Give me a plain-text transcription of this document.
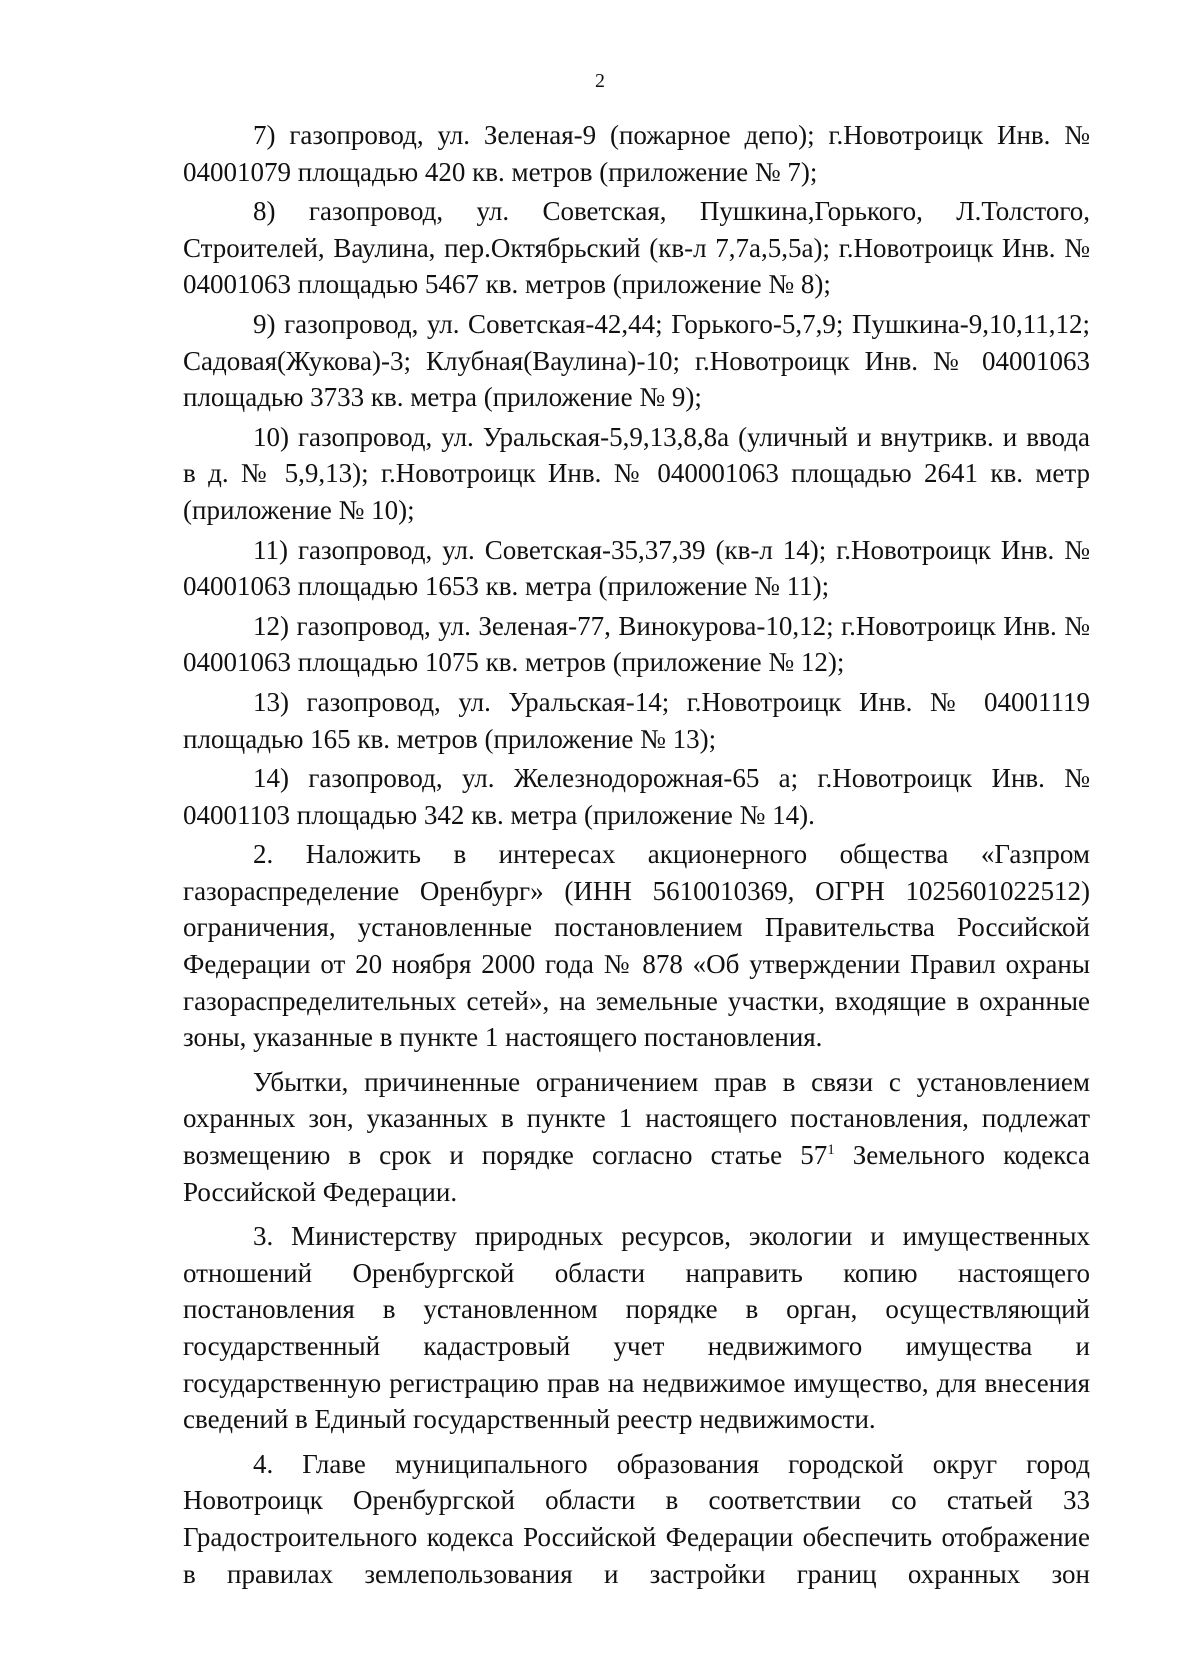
2

7) газопровод, ул. Зеленая-9 (пожарное депо); г.Новотроицк Инв. № 04001079 площадью 420 кв. метров (приложение № 7);

8) газопровод, ул. Советская, Пушкина,Горького, Л.Толстого, Строителей, Ваулина, пер.Октябрьский (кв-л 7,7а,5,5а); г.Новотроицк Инв. № 04001063 площадью 5467 кв. метров (приложение № 8);

9) газопровод, ул. Советская-42,44; Горького-5,7,9; Пушкина-9,10,11,12; Садовая(Жукова)-3; Клубная(Ваулина)-10; г.Новотроицк Инв. № 04001063 площадью 3733 кв. метра (приложение № 9);

10) газопровод, ул. Уральская-5,9,13,8,8а (уличный и внутрикв. и ввода в д. № 5,9,13); г.Новотроицк Инв. № 040001063 площадью 2641 кв. метр (приложение № 10);

11) газопровод, ул. Советская-35,37,39 (кв-л 14); г.Новотроицк Инв. № 04001063 площадью 1653 кв. метра (приложение № 11);

12) газопровод, ул. Зеленая-77, Винокурова-10,12; г.Новотроицк Инв. № 04001063 площадью 1075 кв. метров (приложение № 12);

13) газопровод, ул. Уральская-14; г.Новотроицк Инв. № 04001119 площадью 165 кв. метров (приложение № 13);

14) газопровод, ул. Железнодорожная-65 а; г.Новотроицк Инв. № 04001103 площадью 342 кв. метра (приложение № 14).

2. Наложить в интересах акционерного общества «Газпром газораспределение Оренбург» (ИНН 5610010369, ОГРН 1025601022512) ограничения, установленные постановлением Правительства Российской Федерации от 20 ноября 2000 года № 878 «Об утверждении Правил охраны газораспределительных сетей», на земельные участки, входящие в охранные зоны, указанные в пункте 1 настоящего постановления.

Убытки, причиненные ограничением прав в связи с установлением охранных зон, указанных в пункте 1 настоящего постановления, подлежат возмещению в срок и порядке согласно статье $57^1$ Земельного кодекса Российской Федерации.

3. Министерству природных ресурсов, экологии и имущественных отношений Оренбургской области направить копию настоящего постановления в установленном порядке в орган, осуществляющий государственный кадастровый учет недвижимого имущества и государственную регистрацию прав на недвижимое имущество, для внесения сведений в Единый государственный реестр недвижимости.

4. Главе муниципального образования городской округ город Новотроицк Оренбургской области в соответствии со статьей 33 Градостроительного кодекса Российской Федерации обеспечить отображение в правилах землепользования и застройки границ охранных зон
